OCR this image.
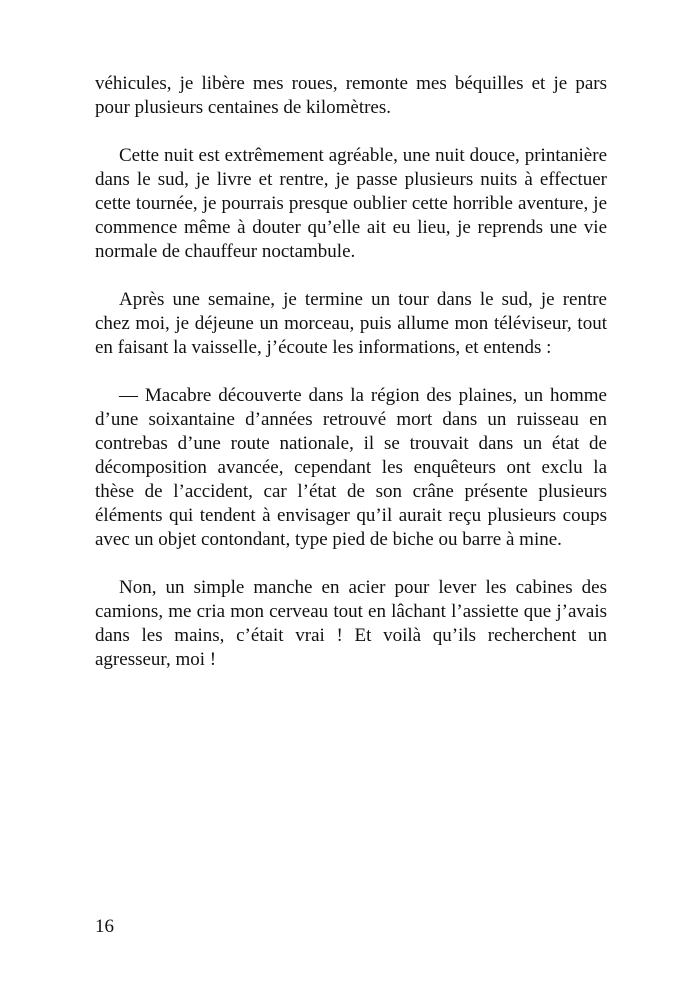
véhicules, je libère mes roues, remonte mes béquilles et je pars pour plusieurs centaines de kilomètres.

Cette nuit est extrêmement agréable, une nuit douce, printanière dans le sud, je livre et rentre, je passe plusieurs nuits à effectuer cette tournée, je pourrais presque oublier cette horrible aventure, je commence même à douter qu’elle ait eu lieu, je reprends une vie normale de chauffeur noctambule.

Après une semaine, je termine un tour dans le sud, je rentre chez moi, je déjeune un morceau, puis allume mon téléviseur, tout en faisant la vaisselle, j’écoute les informations, et entends :

— Macabre découverte dans la région des plaines, un homme d’une soixantaine d’années retrouvé mort dans un ruisseau en contrebas d’une route nationale, il se trouvait dans un état de décomposition avancée, cependant les enquêteurs ont exclu la thèse de l’accident, car l’état de son crâne présente plusieurs éléments qui tendent à envisager qu’il aurait reçu plusieurs coups avec un objet contondant, type pied de biche ou barre à mine.

Non, un simple manche en acier pour lever les cabines des camions, me cria mon cerveau tout en lâchant l’assiette que j’avais dans les mains, c’était vrai ! Et voilà qu’ils recherchent un agresseur, moi !

16
